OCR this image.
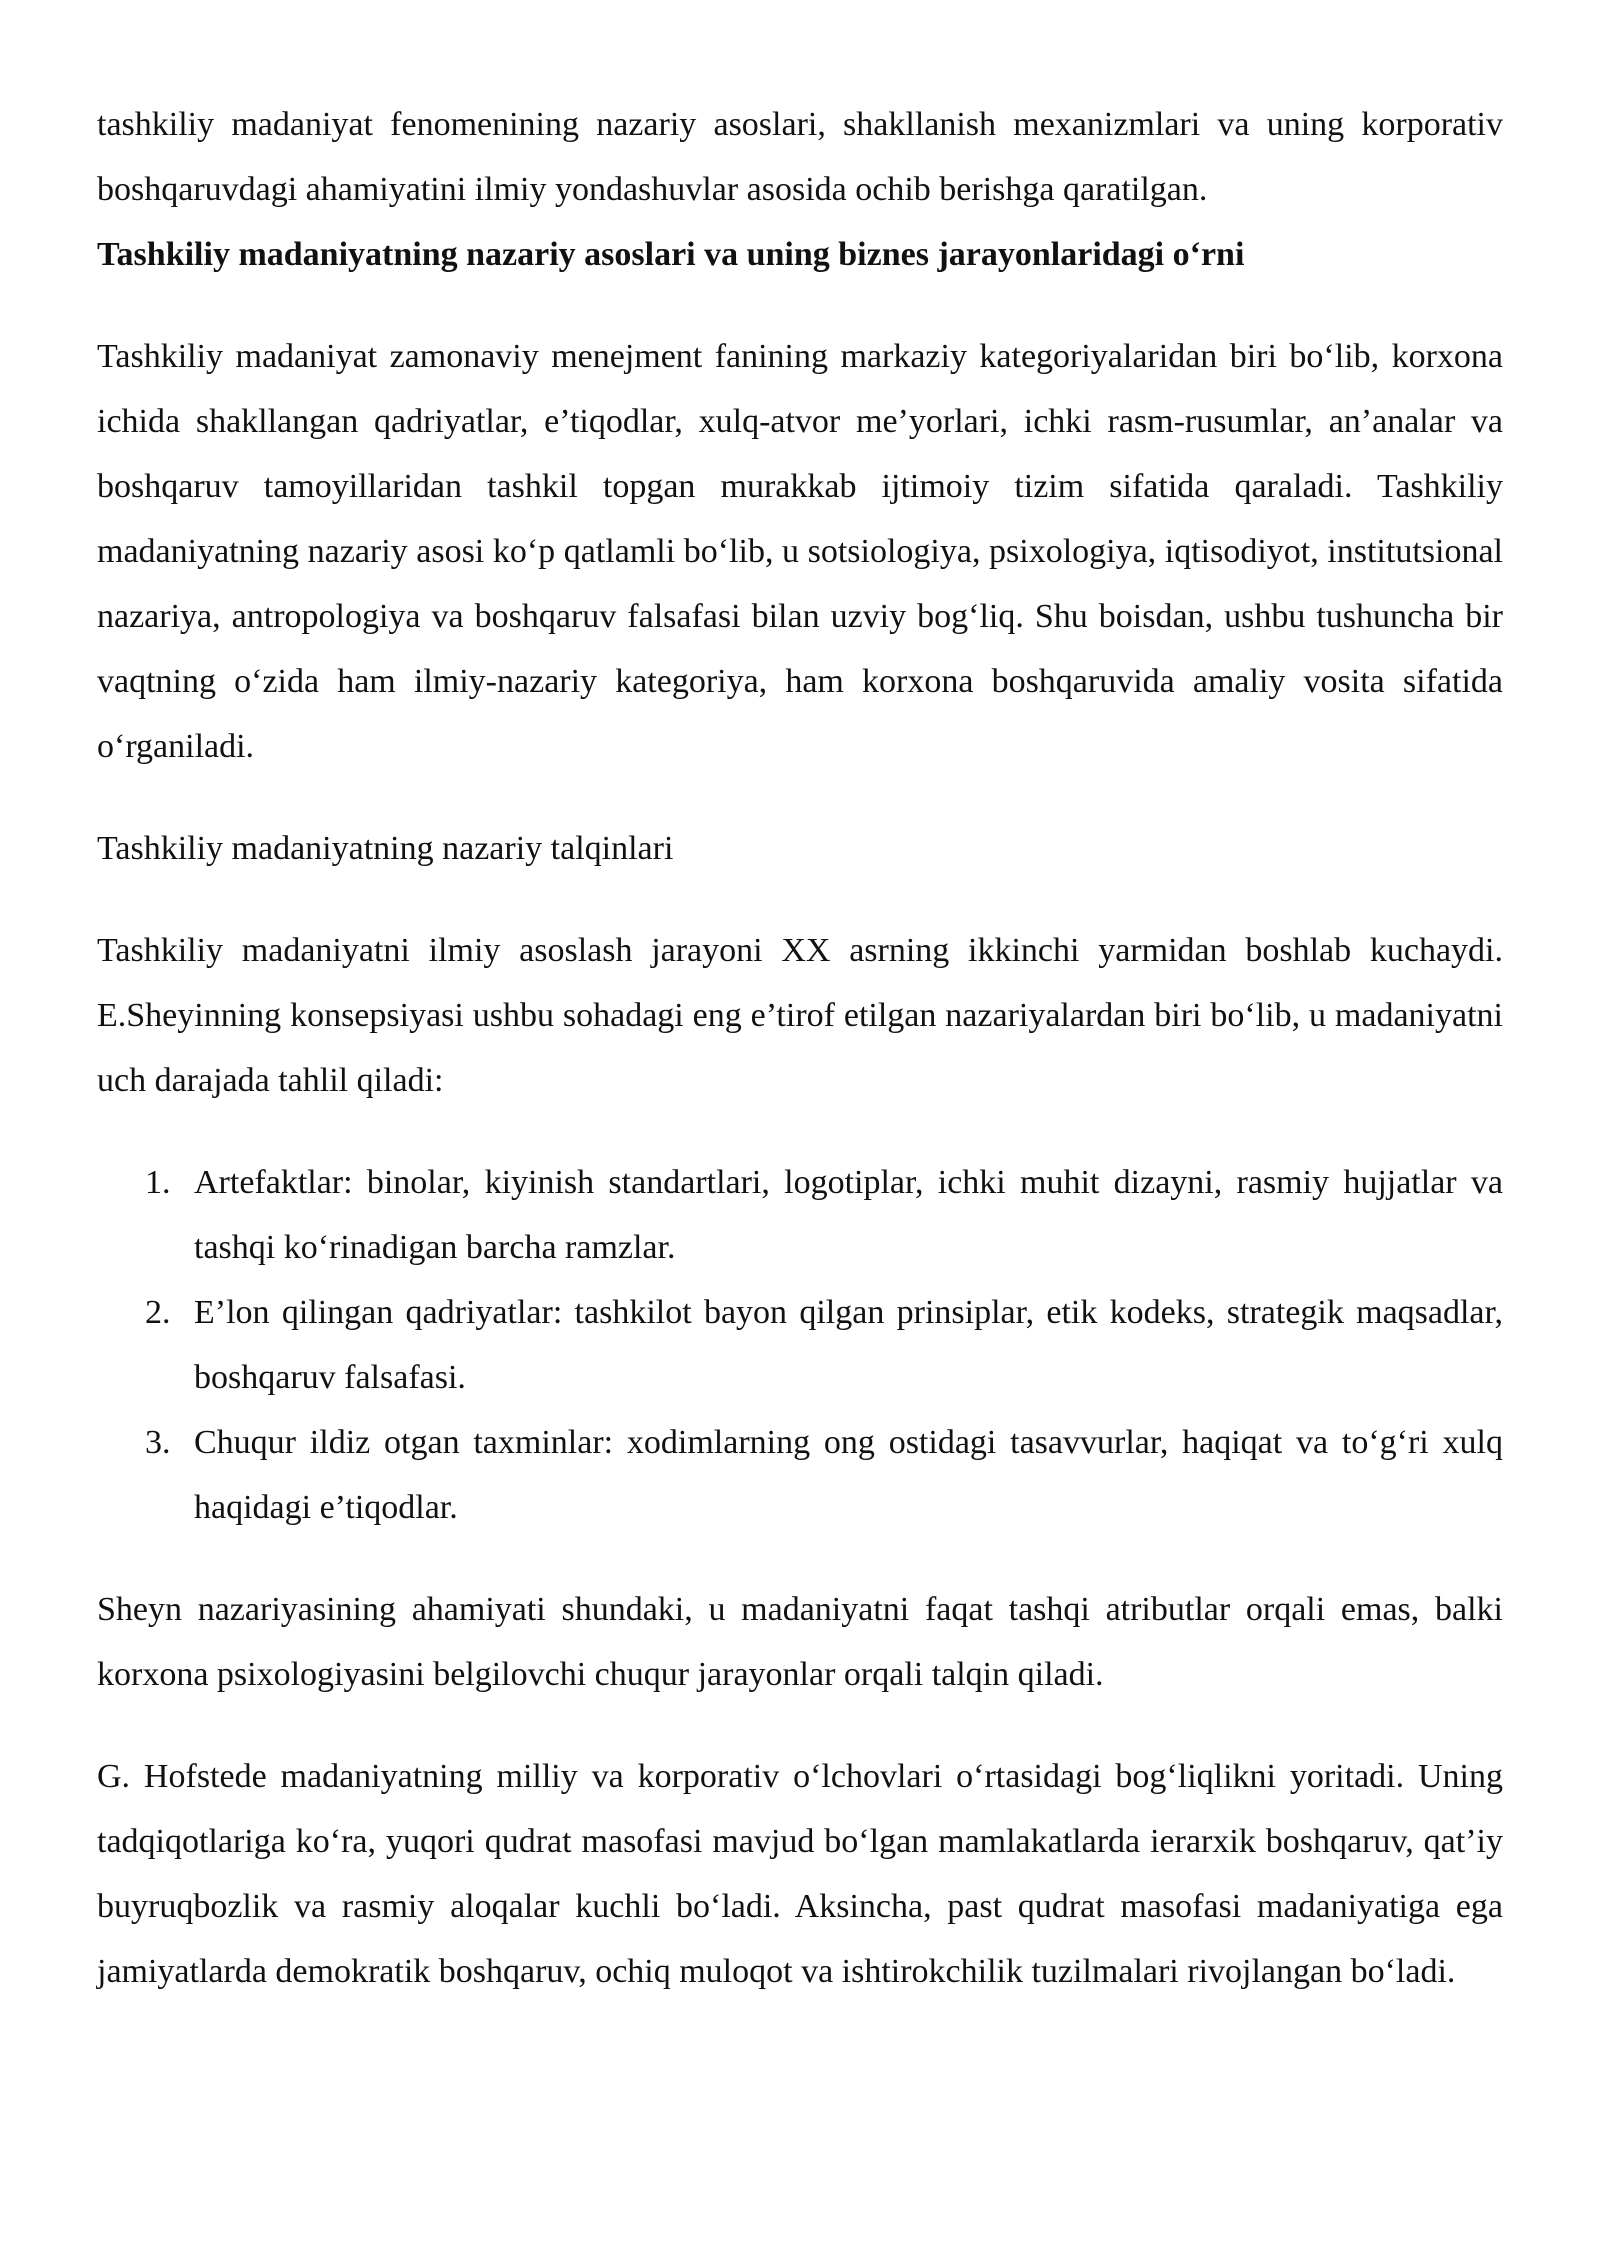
tashkiliy madaniyat fenomenining nazariy asoslari, shakllanish mexanizmlari va uning korporativ boshqaruvdagi ahamiyatini ilmiy yondashuvlar asosida ochib berishga qaratilgan.

Tashkiliy madaniyatning nazariy asoslari va uning biznes jarayonlaridagi o‘rni

Tashkiliy madaniyat zamonaviy menejment fanining markaziy kategoriyalaridan biri bo‘lib, korxona ichida shakllangan qadriyatlar, e’tiqodlar, xulq-atvor me’yorlari, ichki rasm-rusumlar, an’analar va boshqaruv tamoyillaridan tashkil topgan murakkab ijtimoiy tizim sifatida qaraladi. Tashkiliy madaniyatning nazariy asosi ko‘p qatlamli bo‘lib, u sotsiologiya, psixologiya, iqtisodiyot, institutsional nazariya, antropologiya va boshqaruv falsafasi bilan uzviy bog‘liq. Shu boisdan, ushbu tushuncha bir vaqtning o‘zida ham ilmiy-nazariy kategoriya, ham korxona boshqaruvida amaliy vosita sifatida o‘rganiladi.

Tashkiliy madaniyatning nazariy talqinlari

Tashkiliy madaniyatni ilmiy asoslash jarayoni XX asrning ikkinchi yarmidan boshlab kuchaydi. E.Sheyinning konsepsiyasi ushbu sohadagi eng e’tirof etilgan nazariyalardan biri bo‘lib, u madaniyatni uch darajada tahlil qiladi:

1. Artefaktlar: binolar, kiyinish standartlari, logotiplar, ichki muhit dizayni, rasmiy hujjatlar va tashqi ko‘rinadigan barcha ramzlar.
2. E’lon qilingan qadriyatlar: tashkilot bayon qilgan prinsiplar, etik kodeks, strategik maqsadlar, boshqaruv falsafasi.
3. Chuqur ildiz otgan taxminlar: xodimlarning ong ostidagi tasavvurlar, haqiqat va to‘g‘ri xulq haqidagi e’tiqodlar.

Sheyn nazariyasining ahamiyati shundaki, u madaniyatni faqat tashqi atributlar orqali emas, balki korxona psixologiyasini belgilovchi chuqur jarayonlar orqali talqin qiladi.

G. Hofstede madaniyatning milliy va korporativ o‘lchovlari o‘rtasidagi bog‘liqlikni yoritadi. Uning tadqiqotlariga ko‘ra, yuqori qudrat masofasi mavjud bo‘lgan mamlakatlarda ierarxik boshqaruv, qat’iy buyruqbozlik va rasmiy aloqalar kuchli bo‘ladi. Aksincha, past qudrat masofasi madaniyatiga ega jamiyatlarda demokratik boshqaruv, ochiq muloqot va ishtirokchilik tuzilmalari rivojlangan bo‘ladi.
